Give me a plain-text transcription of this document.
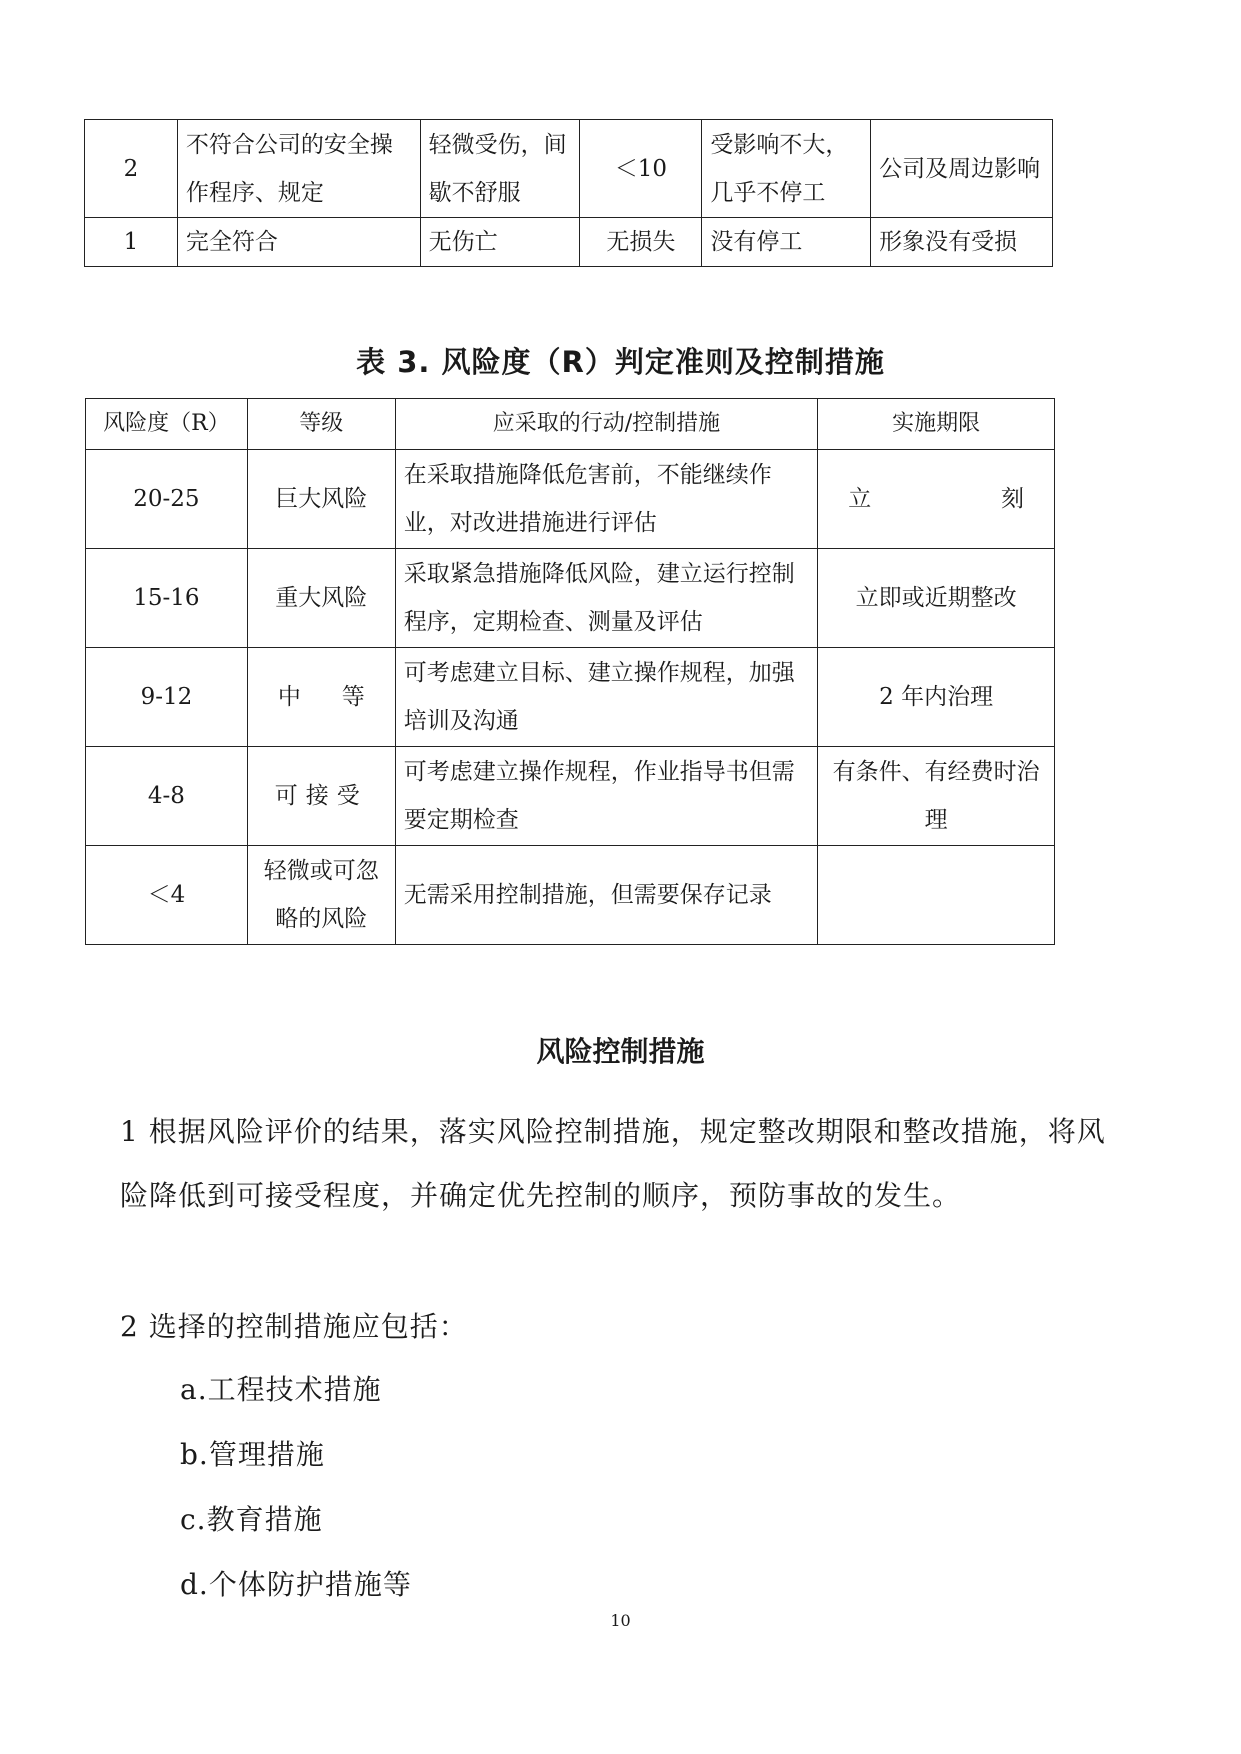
2	不符合公司的安全操作程序、规定	轻微受伤，间歇不舒服	＜10	受影响不大，几乎不停工	公司及周边影响
1	完全符合	无伤亡	无损失	没有停工	形象没有受损
表 3. 风险度（R）判定准则及控制措施
风险度（R）	等级	应采取的行动/控制措施	实施期限
20-25	巨大风险	在采取措施降低危害前，不能继续作业，对改进措施进行评估	立刻
15-16	重大风险	采取紧急措施降低风险，建立运行控制程序，定期检查、测量及评估	立即或近期整改
9-12	中等	可考虑建立目标、建立操作规程，加强培训及沟通	2 年内治理
4-8	可接受	可考虑建立操作规程，作业指导书但需要定期检查	有条件、有经费时治理
＜4	轻微或可忽略的风险	无需采用控制措施，但需要保存记录	
风险控制措施
1 根据风险评价的结果，落实风险控制措施，规定整改期限和整改措施，将风险降低到可接受程度，并确定优先控制的顺序，预防事故的发生。
2 选择的控制措施应包括：
a.工程技术措施
b.管理措施
c.教育措施
d.个体防护措施等
10
